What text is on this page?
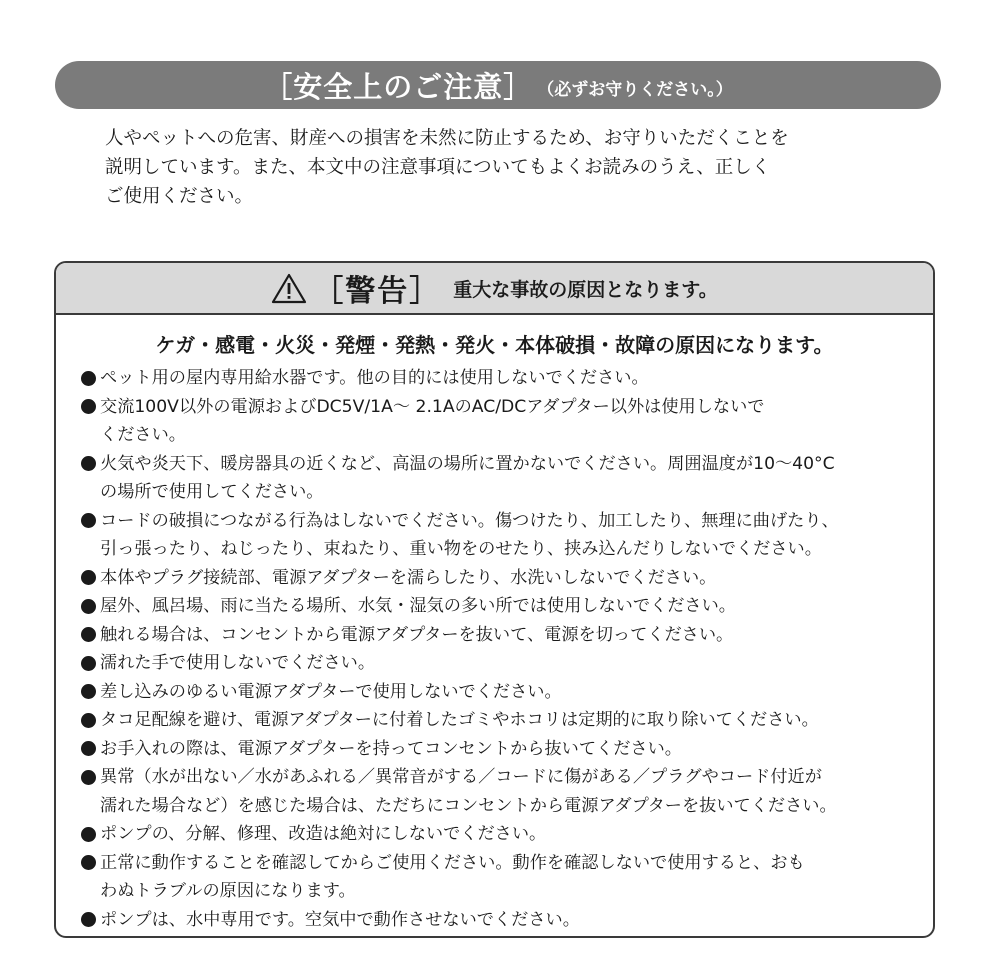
［安全上のご注意］ （必ずお守りください。）

人やペットへの危害、財産への損害を未然に防止するため、お守りいただくことを
説明しています。また、本文中の注意事項についてもよくお読みのうえ、正しく
ご使用ください。

［警告］ 重大な事故の原因となります。
ケガ・感電・火災・発煙・発熱・発火・本体破損・故障の原因になります。
ペット用の屋内専用給水器です。他の目的には使用しないでください。
交流100V以外の電源およびDC5V/1A～ 2.1AのAC/DCアダプター以外は使用しないで
ください。
火気や炎天下、暖房器具の近くなど、高温の場所に置かないでください。周囲温度が10～40°C
の場所で使用してください。
コードの破損につながる行為はしないでください。傷つけたり、加工したり、無理に曲げたり、
引っ張ったり、ねじったり、束ねたり、重い物をのせたり、挟み込んだりしないでください。
本体やプラグ接続部、電源アダプターを濡らしたり、水洗いしないでください。
屋外、風呂場、雨に当たる場所、水気・湿気の多い所では使用しないでください。
触れる場合は、コンセントから電源アダプターを抜いて、電源を切ってください。
濡れた手で使用しないでください。
差し込みのゆるい電源アダプターで使用しないでください。
タコ足配線を避け、電源アダプターに付着したゴミやホコリは定期的に取り除いてください。
お手入れの際は、電源アダプターを持ってコンセントから抜いてください。
異常（水が出ない／水があふれる／異常音がする／コードに傷がある／プラグやコード付近が
濡れた場合など）を感じた場合は、ただちにコンセントから電源アダプターを抜いてください。
ポンプの、分解、修理、改造は絶対にしないでください。
正常に動作することを確認してからご使用ください。動作を確認しないで使用すると、おも
わぬトラブルの原因になります。
ポンプは、水中専用です。空気中で動作させないでください。
